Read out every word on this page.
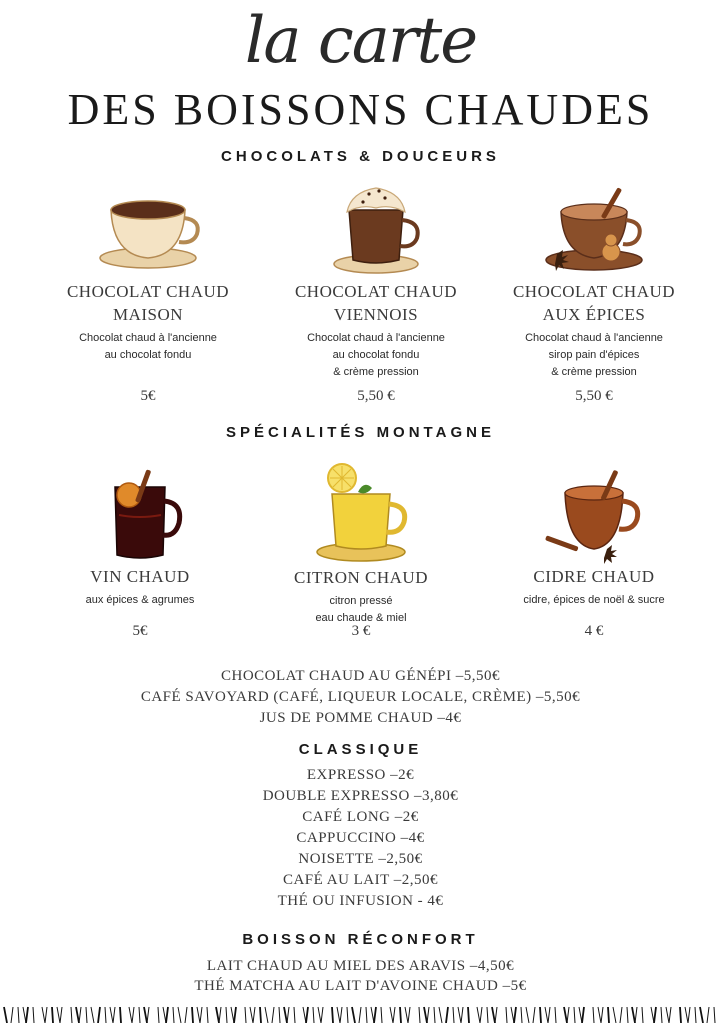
la carte
DES BOISSONS CHAUDES
CHOCOLATS & DOUCEURS
CHOCOLAT CHAUD
MAISON
Chocolat chaud à l'ancienne
au chocolat fondu
5€
CHOCOLAT CHAUD
VIENNOIS
Chocolat chaud à l'ancienne
au chocolat fondu
& crème pression
5,50 €
CHOCOLAT CHAUD
AUX ÉPICES
Chocolat chaud à l'ancienne
sirop pain d'épices
& crème pression
5,50 €
SPÉCIALITÉS MONTAGNE
VIN CHAUD
aux épices & agrumes
5€
CITRON CHAUD
citron pressé
eau chaude & miel
3 €
CIDRE CHAUD
cidre, épices de noël & sucre
4 €
CHOCOLAT CHAUD AU GÉNÉPI –5,50€
CAFÉ SAVOYARD (CAFÉ, LIQUEUR LOCALE, CRÈME) –5,50€
JUS DE POMME CHAUD –4€
CLASSIQUE
EXPRESSO –2€
DOUBLE EXPRESSO –3,80€
CAFÉ LONG –2€
CAPPUCCINO –4€
NOISETTE –2,50€
CAFÉ AU LAIT –2,50€
THÉ OU INFUSION - 4€
BOISSON RÉCONFORT
LAIT CHAUD AU MIEL DES ARAVIS –4,50€
THÉ MATCHA AU LAIT D'AVOINE CHAUD –5€
